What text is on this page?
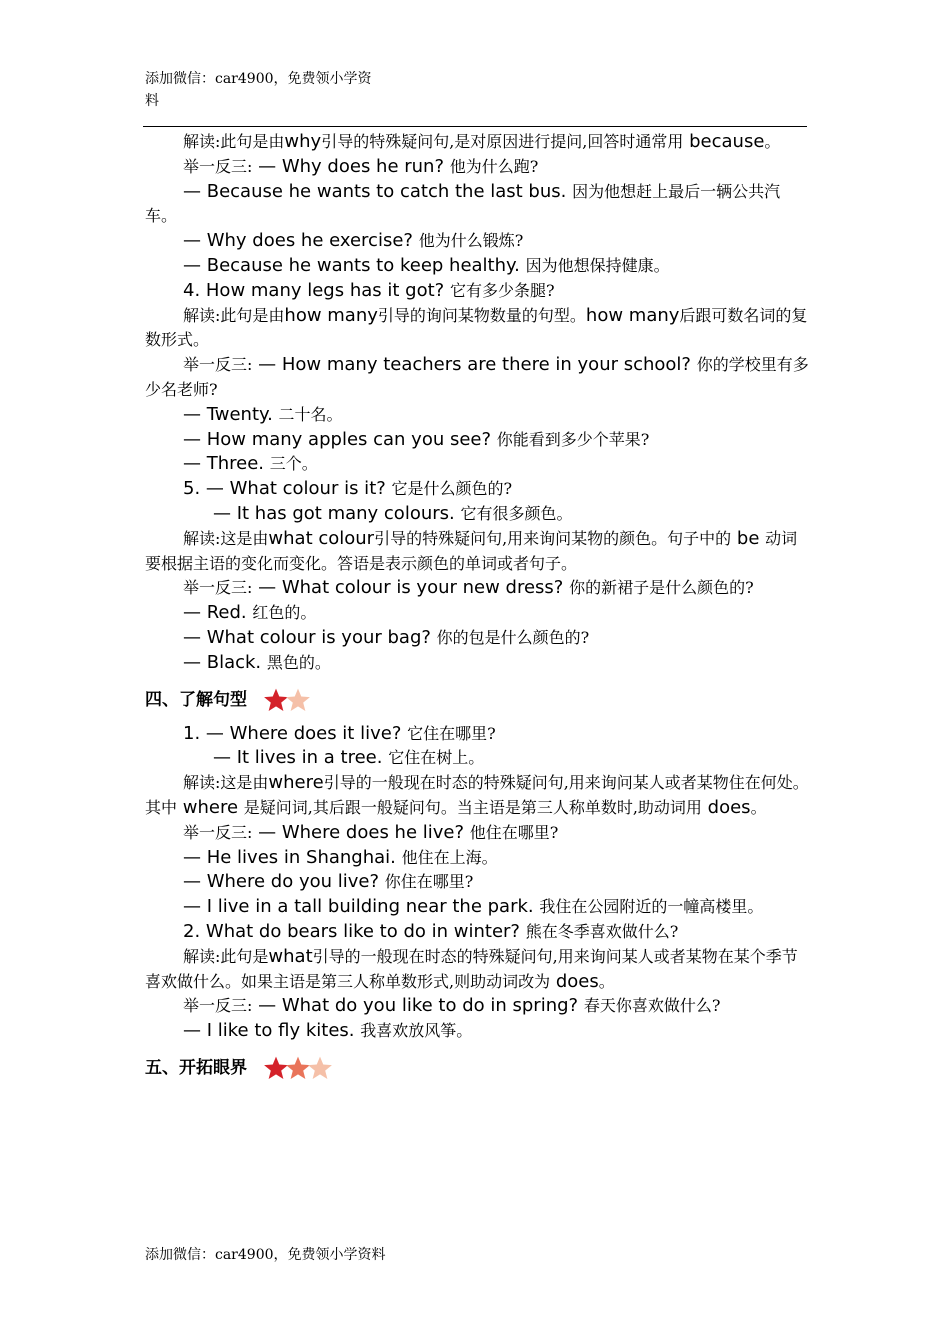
添加微信：car4900，免费领小学资
料
解读:此句是由why引导的特殊疑问句,是对原因进行提问,回答时通常用 because。
举一反三: — Why does he run? 他为什么跑?
— Because he wants to catch the last bus. 因为他想赶上最后一辆公共汽车。
— Why does he exercise? 他为什么锻炼?
— Because he wants to keep healthy. 因为他想保持健康。
4. How many legs has it got? 它有多少条腿?
解读:此句是由how many引导的询问某物数量的句型。how many后跟可数名词的复数形式。
举一反三: — How many teachers are there in your school? 你的学校里有多少名老师?
— Twenty. 二十名。
— How many apples can you see? 你能看到多少个苹果?
— Three. 三个。
5. — What colour is it? 它是什么颜色的?
— It has got many colours. 它有很多颜色。
解读:这是由what colour引导的特殊疑问句,用来询问某物的颜色。句子中的 be 动词要根据主语的变化而变化。答语是表示颜色的单词或者句子。
举一反三: — What colour is your new dress? 你的新裙子是什么颜色的?
— Red. 红色的。
— What colour is your bag? 你的包是什么颜色的?
— Black. 黑色的。
四、了解句型
1. — Where does it live? 它住在哪里?
— It lives in a tree. 它住在树上。
解读:这是由where引导的一般现在时态的特殊疑问句,用来询问某人或者某物住在何处。其中 where 是疑问词,其后跟一般疑问句。当主语是第三人称单数时,助动词用 does。
举一反三: — Where does he live? 他住在哪里?
— He lives in Shanghai. 他住在上海。
— Where do you live? 你住在哪里?
— I live in a tall building near the park. 我住在公园附近的一幢高楼里。
2. What do bears like to do in winter? 熊在冬季喜欢做什么?
解读:此句是what引导的一般现在时态的特殊疑问句,用来询问某人或者某物在某个季节喜欢做什么。如果主语是第三人称单数形式,则助动词改为 does。
举一反三: — What do you like to do in spring? 春天你喜欢做什么?
— I like to fly kites. 我喜欢放风筝。
五、开拓眼界
添加微信：car4900，免费领小学资料
